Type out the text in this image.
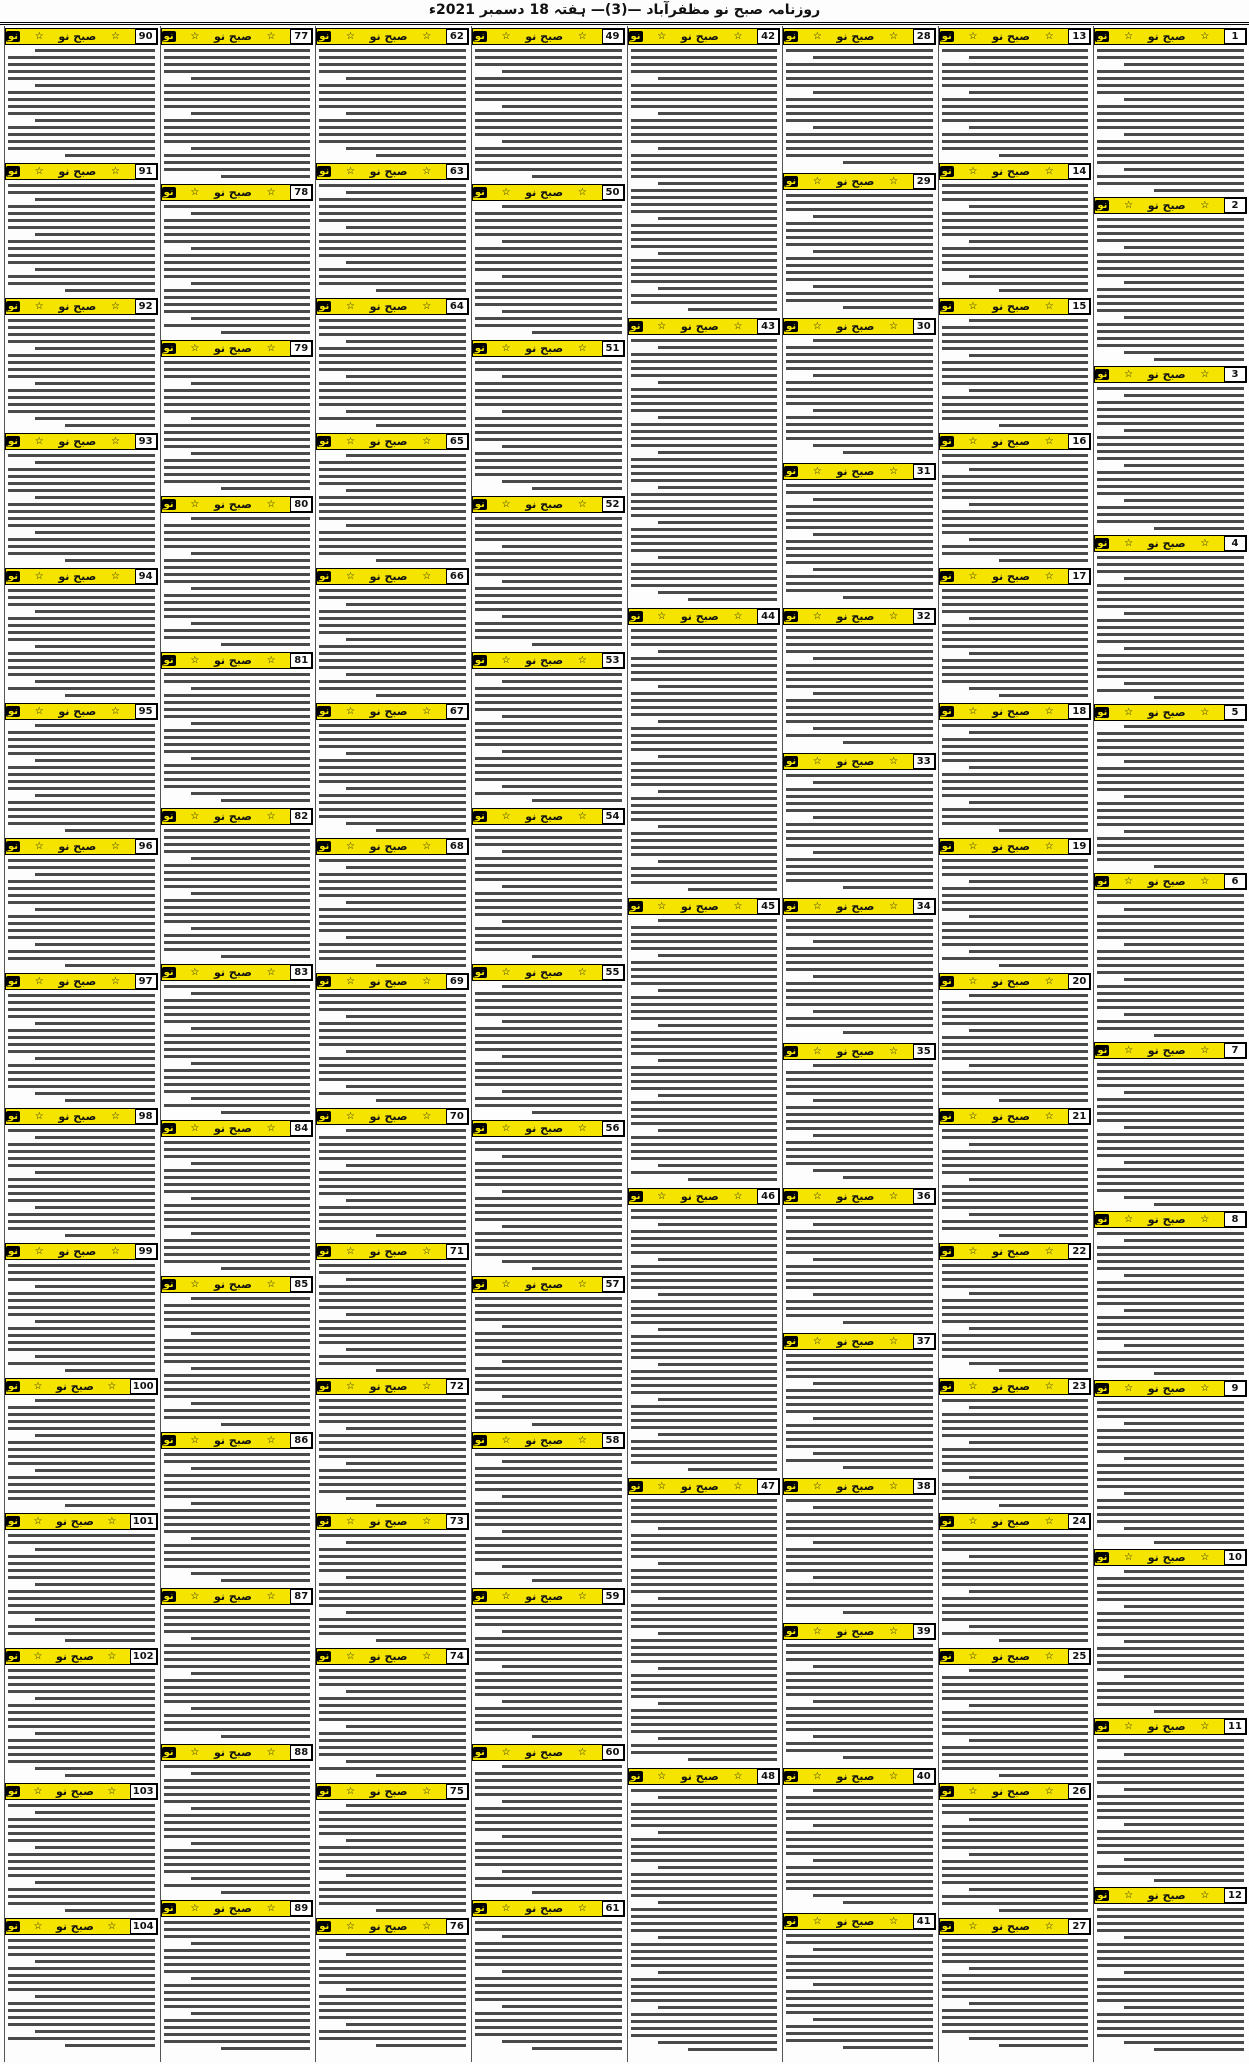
روزنامہ صبح نو مظفرآباد —(3)— ہفتہ 18 دسمبر 2021ء
1
☆
صبح نو
☆
نو
2
☆
صبح نو
☆
نو
3
☆
صبح نو
☆
نو
4
☆
صبح نو
☆
نو
5
☆
صبح نو
☆
نو
6
☆
صبح نو
☆
نو
7
☆
صبح نو
☆
نو
8
☆
صبح نو
☆
نو
9
☆
صبح نو
☆
نو
10
☆
صبح نو
☆
نو
11
☆
صبح نو
☆
نو
12
☆
صبح نو
☆
نو
13
☆
صبح نو
☆
نو
14
☆
صبح نو
☆
نو
15
☆
صبح نو
☆
نو
16
☆
صبح نو
☆
نو
17
☆
صبح نو
☆
نو
18
☆
صبح نو
☆
نو
19
☆
صبح نو
☆
نو
20
☆
صبح نو
☆
نو
21
☆
صبح نو
☆
نو
22
☆
صبح نو
☆
نو
23
☆
صبح نو
☆
نو
24
☆
صبح نو
☆
نو
25
☆
صبح نو
☆
نو
26
☆
صبح نو
☆
نو
27
☆
صبح نو
☆
نو
28
☆
صبح نو
☆
نو
29
☆
صبح نو
☆
نو
30
☆
صبح نو
☆
نو
31
☆
صبح نو
☆
نو
32
☆
صبح نو
☆
نو
33
☆
صبح نو
☆
نو
34
☆
صبح نو
☆
نو
35
☆
صبح نو
☆
نو
36
☆
صبح نو
☆
نو
37
☆
صبح نو
☆
نو
38
☆
صبح نو
☆
نو
39
☆
صبح نو
☆
نو
40
☆
صبح نو
☆
نو
41
☆
صبح نو
☆
نو
42
☆
صبح نو
☆
نو
43
☆
صبح نو
☆
نو
44
☆
صبح نو
☆
نو
45
☆
صبح نو
☆
نو
46
☆
صبح نو
☆
نو
47
☆
صبح نو
☆
نو
48
☆
صبح نو
☆
نو
49
☆
صبح نو
☆
نو
50
☆
صبح نو
☆
نو
51
☆
صبح نو
☆
نو
52
☆
صبح نو
☆
نو
53
☆
صبح نو
☆
نو
54
☆
صبح نو
☆
نو
55
☆
صبح نو
☆
نو
56
☆
صبح نو
☆
نو
57
☆
صبح نو
☆
نو
58
☆
صبح نو
☆
نو
59
☆
صبح نو
☆
نو
60
☆
صبح نو
☆
نو
61
☆
صبح نو
☆
نو
62
☆
صبح نو
☆
نو
63
☆
صبح نو
☆
نو
64
☆
صبح نو
☆
نو
65
☆
صبح نو
☆
نو
66
☆
صبح نو
☆
نو
67
☆
صبح نو
☆
نو
68
☆
صبح نو
☆
نو
69
☆
صبح نو
☆
نو
70
☆
صبح نو
☆
نو
71
☆
صبح نو
☆
نو
72
☆
صبح نو
☆
نو
73
☆
صبح نو
☆
نو
74
☆
صبح نو
☆
نو
75
☆
صبح نو
☆
نو
76
☆
صبح نو
☆
نو
77
☆
صبح نو
☆
نو
78
☆
صبح نو
☆
نو
79
☆
صبح نو
☆
نو
80
☆
صبح نو
☆
نو
81
☆
صبح نو
☆
نو
82
☆
صبح نو
☆
نو
83
☆
صبح نو
☆
نو
84
☆
صبح نو
☆
نو
85
☆
صبح نو
☆
نو
86
☆
صبح نو
☆
نو
87
☆
صبح نو
☆
نو
88
☆
صبح نو
☆
نو
89
☆
صبح نو
☆
نو
90
☆
صبح نو
☆
نو
91
☆
صبح نو
☆
نو
92
☆
صبح نو
☆
نو
93
☆
صبح نو
☆
نو
94
☆
صبح نو
☆
نو
95
☆
صبح نو
☆
نو
96
☆
صبح نو
☆
نو
97
☆
صبح نو
☆
نو
98
☆
صبح نو
☆
نو
99
☆
صبح نو
☆
نو
100
☆
صبح نو
☆
نو
101
☆
صبح نو
☆
نو
102
☆
صبح نو
☆
نو
103
☆
صبح نو
☆
نو
104
☆
صبح نو
☆
نو
